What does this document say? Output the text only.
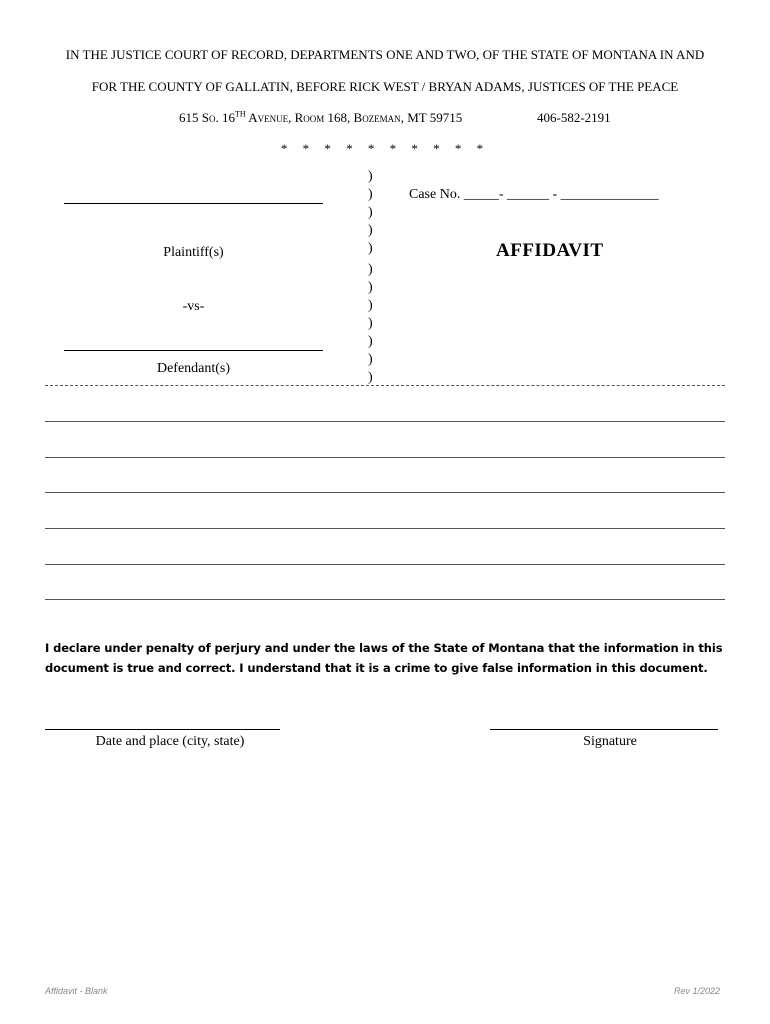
IN THE JUSTICE COURT OF RECORD, DEPARTMENTS ONE AND TWO, OF THE STATE OF MONTANA IN AND
FOR THE COUNTY OF GALLATIN, BEFORE RICK WEST / BRYAN ADAMS, JUSTICES OF THE PEACE
615 So. 16TH Avenue, Room 168, Bozeman, MT 59715	406-582-2191
* * * * * * * * * *
)
)
)
)
)
)
)
)
)
)
)
)
Plaintiff(s)
-vs-
Defendant(s)
Case No. _____- ______ - ______________
AFFIDAVIT
I declare under penalty of perjury and under the laws of the State of Montana that the information in this
document is true and correct. I understand that it is a crime to give false information in this document.
Date and place (city, state)	Signature
Affidavit - Blank	Rev 1/2022
